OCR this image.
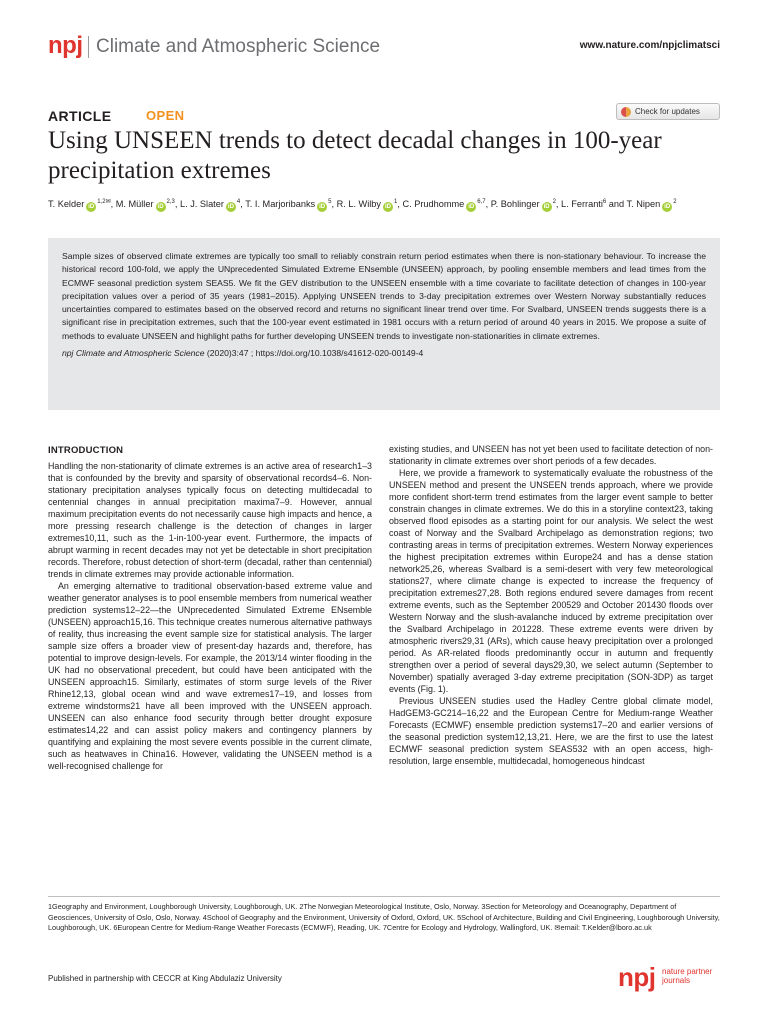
npj Climate and Atmospheric Science	www.nature.com/npjclimatsci
ARTICLE	OPEN	Check for updates
Using UNSEEN trends to detect decadal changes in 100-year precipitation extremes
T. Kelder $iD^{1,2✉}$, M. Müller iD$^{2,3}$, L. J. Slater $iD^4$, T. I. Marjoribanks $iD^5$, R. L. Wilby $iD^1$, C. Prudhomme iD$^{6,7}$, P. Bohlinger $iD^2$, L. Ferranti$^6$ and T. Nipen $iD^2$

Sample sizes of observed climate extremes are typically too small to reliably constrain return period estimates when there is non-stationary behaviour. To increase the historical record 100-fold, we apply the UNprecedented Simulated Extreme ENsemble (UNSEEN) approach, by pooling ensemble members and lead times from the ECMWF seasonal prediction system SEAS5. We fit the GEV distribution to the UNSEEN ensemble with a time covariate to facilitate detection of changes in 100-year precipitation values over a period of 35 years (1981–2015). Applying UNSEEN trends to 3-day precipitation extremes over Western Norway substantially reduces uncertainties compared to estimates based on the observed record and returns no significant linear trend over time. For Svalbard, UNSEEN trends suggests there is a significant rise in precipitation extremes, such that the 100-year event estimated in 1981 occurs with a return period of around 40 years in 2015. We propose a suite of methods to evaluate UNSEEN and highlight paths for further developing UNSEEN trends to investigate non-stationarities in climate extremes.

npj Climate and Atmospheric Science (2020)3:47 ; https://doi.org/10.1038/s41612-020-00149-4
INTRODUCTION

Handling the non-stationarity of climate extremes is an active area of research1–3 that is confounded by the brevity and sparsity of observational records4–6. Non-stationary precipitation analyses typically focus on detecting multidecadal to centennial changes in annual precipitation maxima7–9. However, annual maximum precipitation events do not necessarily cause high impacts and hence, a more pressing research challenge is the detection of changes in larger extremes10,11, such as the 1-in-100-year event. Furthermore, the impacts of abrupt warming in recent decades may not yet be detectable in short precipitation records. Therefore, robust detection of short-term (decadal, rather than centennial) trends in climate extremes may provide actionable information.

An emerging alternative to traditional observation-based extreme value and weather generator analyses is to pool ensemble members from numerical weather prediction systems12–22—the UNprecedented Simulated Extreme ENsemble (UNSEEN) approach15,16. This technique creates numerous alternative pathways of reality, thus increasing the event sample size for statistical analysis. The larger sample size offers a broader view of present-day hazards and, therefore, has potential to improve design-levels. For example, the 2013/14 winter flooding in the UK had no observational precedent, but could have been anticipated with the UNSEEN approach15. Similarly, estimates of storm surge levels of the River Rhine12,13, global ocean wind and wave extremes17–19, and losses from extreme windstorms21 have all been improved with the UNSEEN approach. UNSEEN can also enhance food security through better drought exposure estimates14,22 and can assist policy makers and contingency planners by quantifying and explaining the most severe events possible in the current climate, such as heatwaves in China16. However, validating the UNSEEN method is a well-recognised challenge for

existing studies, and UNSEEN has not yet been used to facilitate detection of non-stationarity in climate extremes over short periods of a few decades.

Here, we provide a framework to systematically evaluate the robustness of the UNSEEN method and present the UNSEEN trends approach, where we provide more confident short-term trend estimates from the larger event sample to better constrain changes in climate extremes. We do this in a storyline context23, taking observed flood episodes as a starting point for our analysis. We select the west coast of Norway and the Svalbard Archipelago as demonstration regions; two contrasting areas in terms of precipitation extremes. Western Norway experiences the highest precipitation extremes within Europe24 and has a dense station network25,26, whereas Svalbard is a semi-desert with very few meteorological stations27, where climate change is expected to increase the frequency of precipitation extremes27,28. Both regions endured severe damages from recent extreme events, such as the September 200529 and October 201430 floods over Western Norway and the slush-avalanche induced by extreme precipitation over the Svalbard Archipelago in 201228. These extreme events were driven by atmospheric rivers29,31 (ARs), which cause heavy precipitation over a prolonged period. As AR-related floods predominantly occur in autumn and frequently strengthen over a period of several days29,30, we select autumn (September to November) spatially averaged 3-day extreme precipitation (SON-3DP) as target events (Fig. 1).

Previous UNSEEN studies used the Hadley Centre global climate model, HadGEM3-GC214–16,22 and the European Centre for Medium-range Weather Forecasts (ECMWF) ensemble prediction systems17–20 and earlier versions of the seasonal prediction system12,13,21. Here, we are the first to use the latest ECMWF seasonal prediction system SEAS532 with an open access, high-resolution, large ensemble, multidecadal, homogeneous hindcast

1Geography and Environment, Loughborough University, Loughborough, UK. 2The Norwegian Meteorological Institute, Oslo, Norway. 3Section for Meteorology and Oceanography, Department of Geosciences, University of Oslo, Oslo, Norway. 4School of Geography and the Environment, University of Oxford, Oxford, UK. 5School of Architecture, Building and Civil Engineering, Loughborough University, Loughborough, UK. 6European Centre for Medium-Range Weather Forecasts (ECMWF), Reading, UK. 7Centre for Ecology and Hydrology, Wallingford, UK. ✉email: T.Kelder@lboro.ac.uk
Published in partnership with CECCR at King Abdulaziz University	npj nature partner
journals
